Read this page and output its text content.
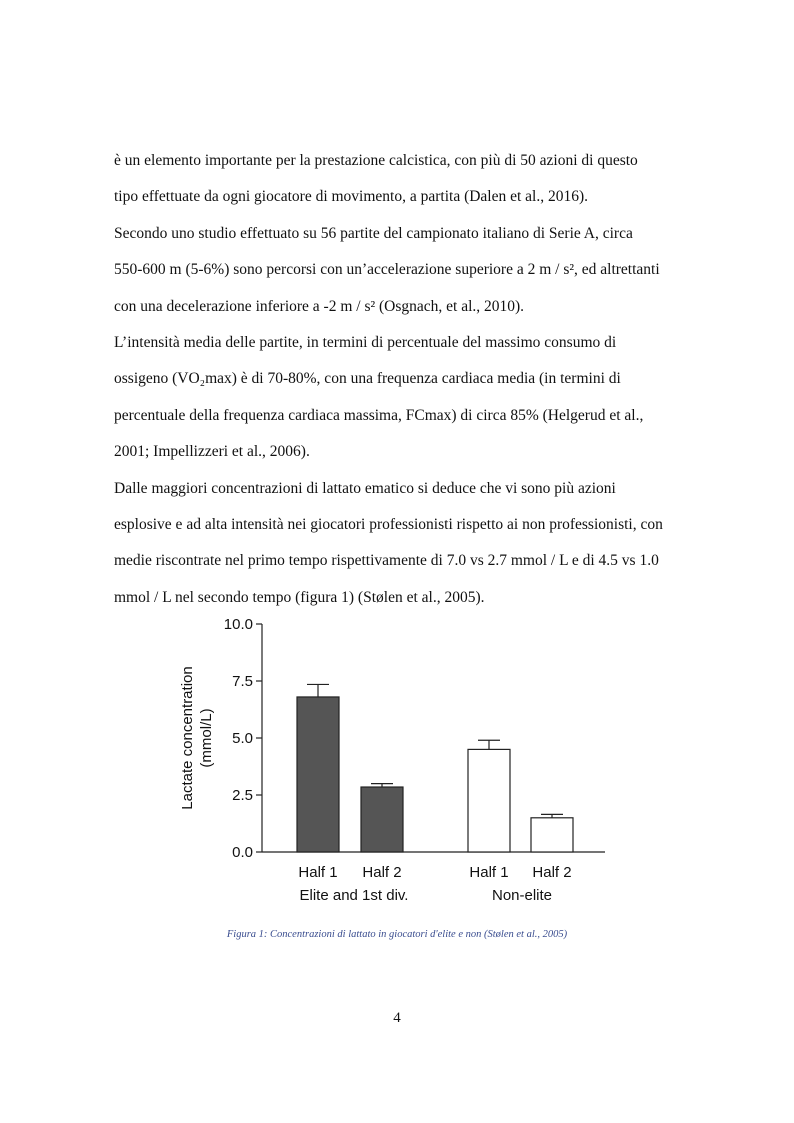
è un elemento importante per la prestazione calcistica, con più di 50 azioni di questo
tipo effettuate da ogni giocatore di movimento, a partita (Dalen et al., 2016).
Secondo uno studio effettuato su 56 partite del campionato italiano di Serie A, circa
550-600 m (5-6%) sono percorsi con un’accelerazione superiore a 2 m / s², ed altrettanti
con una decelerazione inferiore a -2 m / s² (Osgnach, et al., 2010).
L’intensità media delle partite, in termini di percentuale del massimo consumo di
ossigeno (VO₂max) è di 70-80%, con una frequenza cardiaca media (in termini di
percentuale della frequenza cardiaca massima, FCmax) di circa 85% (Helgerud et al.,
2001; Impellizzeri et al., 2006).
Dalle maggiori concentrazioni di lattato ematico si deduce che vi sono più azioni
esplosive e ad alta intensità nei giocatori professionisti rispetto ai non professionisti, con
medie riscontrate nel primo tempo rispettivamente di 7.0 vs 2.7 mmol / L e di 4.5 vs 1.0
mmol / L nel secondo tempo (figura 1) (Stølen et al., 2005).
0.0
2.5
5.0
7.5
10.0
Lactate concentration (mmol/L)
Half 1 Half 2	Half 1 Half 2
Elite and 1st div.	Non-elite
Figura 1: Concentrazioni di lattato in giocatori d'elite e non (Stølen et al., 2005)
4
